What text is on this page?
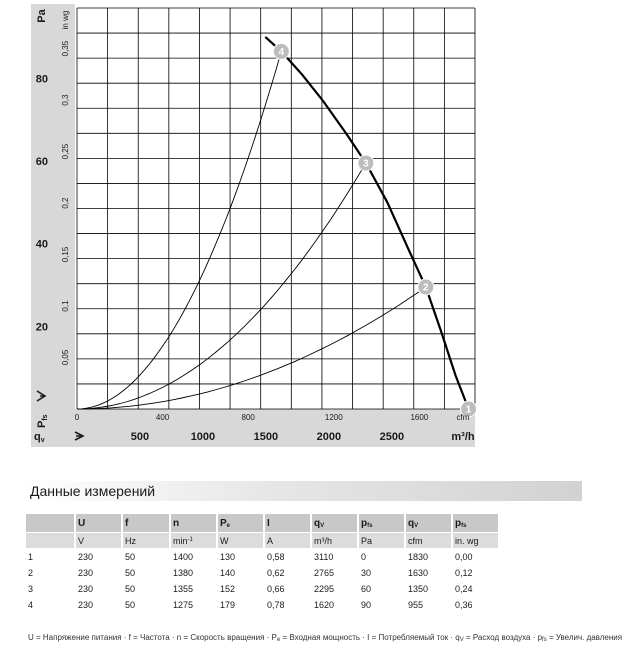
1
2
3
4
20
40
60
80
0,05
0,1
0,15
0,2
0,25
0,3
0,35
0	400	800	1200	1600
500	1000	1500	2000	2500
Pa in wg
cfm
m³/h
Pfs
qv
Данные измерений
	U	f	n	$P_e$	I	$q_V$	$p_{fs}$	$q_V$	$p_{fs}$
	V	Hz	$\min^{-1}$	W	A	m³/h	Pa	cfm	in. wg
1	230	50	1400	130	0,58	3110	0	1830	0,00
2	230	50	1380	140	0,62	2765	30	1630	0,12
3	230	50	1355	152	0,66	2295	60	1350	0,24
4	230	50	1275	179	0,78	1620	90	955	0,36
U = Напряжение питания · f = Частота · n = Скорость вращения · $P_e$ = Входная мощность · I = Потребляемый ток · $q_V$ = Расход воздуха · $p_{fs}$ = Увелич. давления
